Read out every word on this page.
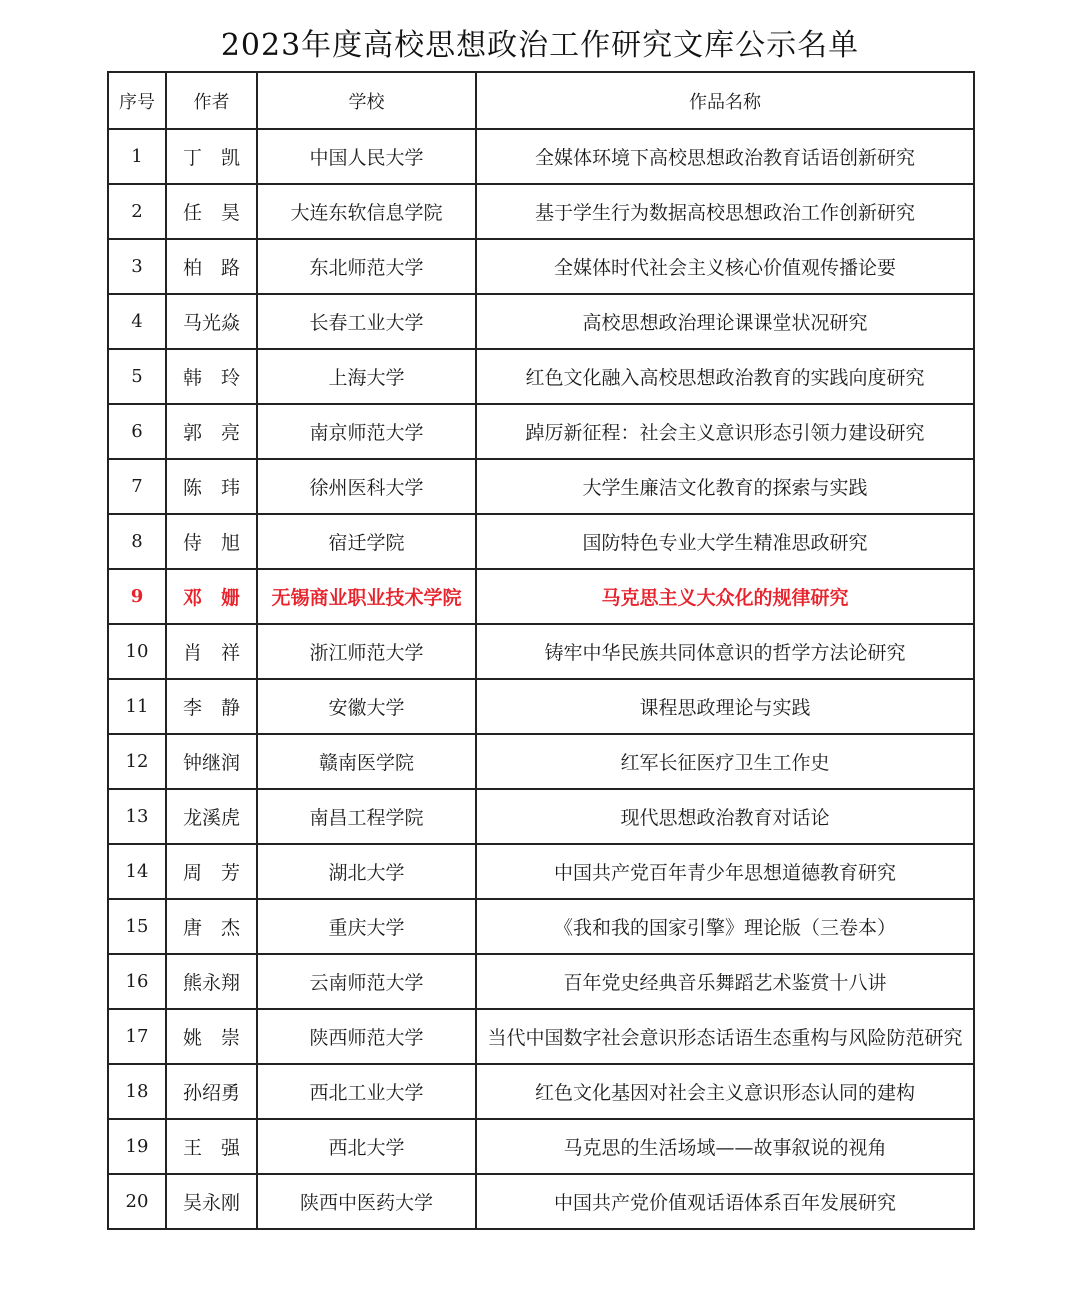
2023年度高校思想政治工作研究文库公示名单
序号	作者	学校	作品名称
1	丁　凯	中国人民大学	全媒体环境下高校思想政治教育话语创新研究
2	任　昊	大连东软信息学院	基于学生行为数据高校思想政治工作创新研究
3	柏　路	东北师范大学	全媒体时代社会主义核心价值观传播论要
4	马光焱	长春工业大学	高校思想政治理论课课堂状况研究
5	韩　玲	上海大学	红色文化融入高校思想政治教育的实践向度研究
6	郭　亮	南京师范大学	踔厉新征程：社会主义意识形态引领力建设研究
7	陈　玮	徐州医科大学	大学生廉洁文化教育的探索与实践
8	侍　旭	宿迁学院	国防特色专业大学生精准思政研究
9	邓　姗	无锡商业职业技术学院	马克思主义大众化的规律研究
10	肖　祥	浙江师范大学	铸牢中华民族共同体意识的哲学方法论研究
11	李　静	安徽大学	课程思政理论与实践
12	钟继润	赣南医学院	红军长征医疗卫生工作史
13	龙溪虎	南昌工程学院	现代思想政治教育对话论
14	周　芳	湖北大学	中国共产党百年青少年思想道德教育研究
15	唐　杰	重庆大学	《我和我的国家引擎》理论版（三卷本）
16	熊永翔	云南师范大学	百年党史经典音乐舞蹈艺术鉴赏十八讲
17	姚　崇	陕西师范大学	当代中国数字社会意识形态话语生态重构与风险防范研究
18	孙绍勇	西北工业大学	红色文化基因对社会主义意识形态认同的建构
19	王　强	西北大学	马克思的生活场域——故事叙说的视角
20	吴永刚	陕西中医药大学	中国共产党价值观话语体系百年发展研究
